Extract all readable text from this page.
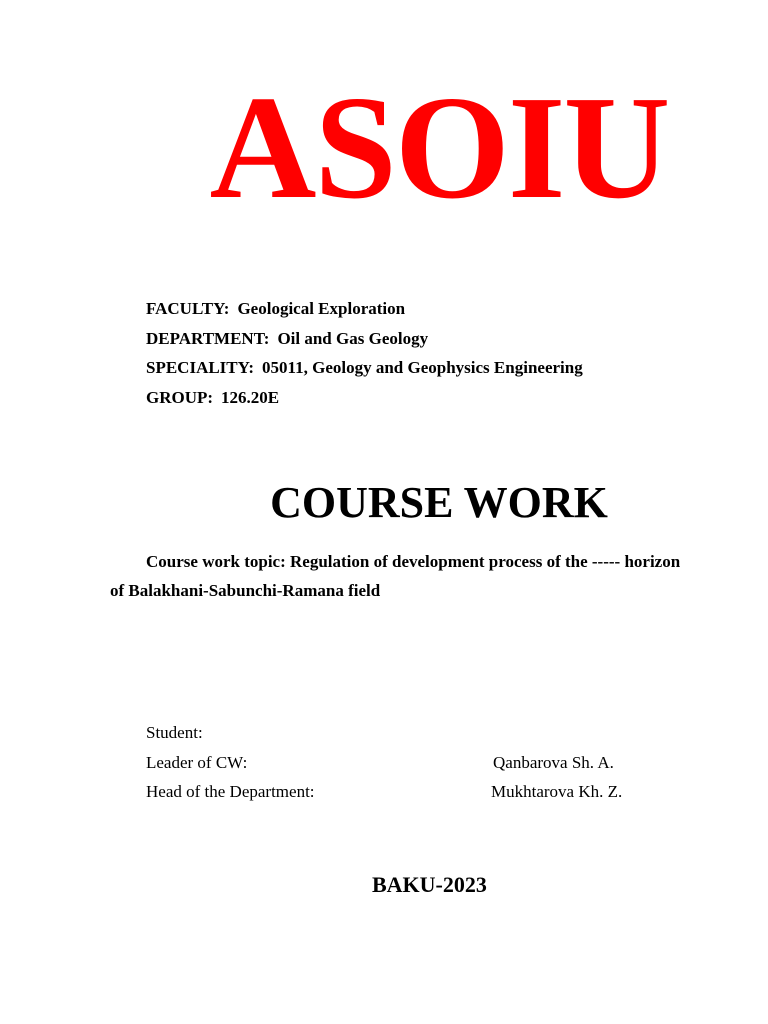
ASOIU
FACULTY: Geological Exploration
DEPARTMENT: Oil and Gas Geology
SPECIALITY: 05011, Geology and Geophysics Engineering
GROUP: 126.20E
COURSE WORK
Course work topic: Regulation of development process of the ----- horizon
of Balakhani-Sabunchi-Ramana field
Student:
Leader of CW:	Qanbarova Sh. A.
Head of the Department:	Mukhtarova Kh. Z.
BAKU-2023
